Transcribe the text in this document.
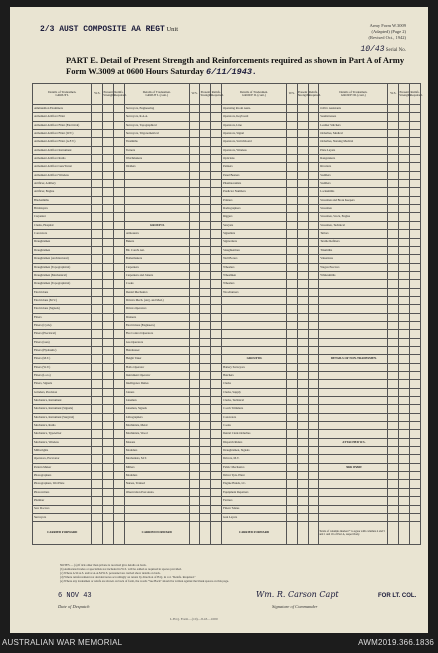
2/3 AUST COMPOSITE AA REGT Unit
Army Form W.3009
(Adapted) (Page 2)
(Revised Oct., 1942)
10/43 Serial No.
PART E. Detail of Present Strength and Reinforcements required as shown in Part A of Army Form W.3009 at 0600 Hours Saturday 6/11/1943.
Details of Tradesmen.
GROUP I.	W.S.	Present Strength.	Reinfs. Required.	Details of Tradesmen.
GROUP I. (cont.)	W.S.	Present Strength.	Reinfs. Required.	Details of Tradesmen.
GROUP II. (cont.)	W.S.	Present Strength.	Reinfs. Required.	Details of Tradesmen.
GROUP III. (cont.)	W.S.	Present Strength.	Reinfs. Required.
Ammunition Examiners				Surveyors, Engineering				Operating Room Assts.				O.P.O. Assistants			
Armament Artificer Fitter				Surveyors, R.A.A.				Operators, Keyboard				Seamstresses			
Armament Artificer Fitter (Electrical)				Surveyors, Topographical				Operators, Line				Leather Stitchers			
Armament Artificer Fitter (W.T.)				Surveyors, Trigonometrical				Operators, Signal				Orderlies, Medical			
Armament Artificer Fitter (A.F.V.)				Tinsmiths				Operators, Switchboard				Orderlies, Nursing Medical			
Armament Artificer Instrument				Turners				Operators, Wireless				Plate Layers			
Armament Artificer Radio				Watchmakers				Opticians				Rangetakers			
Armament Artificer Gun/Turret				Welders				Painters				Rivetters			
Armament Artificer Wireless								Panel Beaters				Saddlers			
Artificer, Artillery								Pharmaceutists				Saddlers			
Artificer, Engine								Predictor Numbers				Locksmiths			
Blacksmiths								Printers				Storemen and Book Keepers			
Bricklayers								Radiographers				Storemen			
Carpenter								Riggers				Storemen, Stock, Engine			
Clerks, Hospital				GROUP II.				Sawyers				Storemen, Technical			
Concretors				Armourers				Signallers				Tailors			
Draughtsmen				Bakers				Signwriters				Textile Refitters			
Draughtsmen				Blr. Cond's Ast.				Slaughtermen				Tinsmiths			
Draughtsmen (Architectural)				Boilermakers				Well Borers				Valuations			
Draughtsmen (Topographical)				Carpenters				Wheelers				Wagon Erectors			
Draughtsmen (Mechanical)				Carpenters and Joiners				Wheelmen				Whitesmiths			
Draughtsmen (Topographical)				Cooks				Wheelers							
Electricians				Dental Mechanics				Woodturners							
Electricians (M.V.)				Drivers Mech. (Avg. and Med.)											
Electricians (Signals)				Driver-Operators											
Fitters				Drainers											
Fitters (Cycle)				Electricians (Engineers)											
Fitters (Electrical)				Fire Control Operators											
Fitters (Gun)				Gas Operators											
Fitters (Hydraulic)				Hairdresser											
Fitters (M.T.)				Height Taker				GROUP III.				DETAILS OF NON-TRADESMEN.			
Fitters (W.V.)				Hollo Operator				Battery Surveyors							
Fitters (Loco)				Instrument Operator				Butchers							
Fitters, Signals				Intelligence Duties				Clerks							
Grinders, Precision				Joiners				Clerks, Supply							
Mechanics, Instrument				Linemen				Clerks, Technical							
Mechanics, Instrument (Signals)				Linemen, Signals				Coach Trimmers							
Mechanics, Instrument (Surgical)				Lithographers				Concretors							
Mechanics, Radio				Machinists, Metal				Cooks							
Mechanics, Typewriter				Machinists, Wood				Dental Clerk Orderlies							
Mechanics, Wireless				Masons				Dispatch Riders				ATTACHED W.S.			
Millwrights				Moulders				Draughtsmen, Signals							
Operators, Excavator				Mechanists, M.T.				Drivers, M.T.							
Pattern Maker				Millers				Fabric Mechanics				SEE OVER			
Photographers				Moulders				Driver Tpts. Plant							
Photographers, Wet Plate				Nurses, Trained				Engine Hands, I.C.							
Photowriters				Observation Post Assts.				Equipment Repairers							
Plumber								Farriers							
Saw Doctors								Fitters' Mates							
Surveyors								Gun Layers							
CARRIED FORWARD				CARRIED FORWARD				CARRIED FORWARD				Totals of columns marked * to agree with columns 4 and 5 and 1 and 16 of Part A, respectively.			
NOTES — (a) If tick other than private is received give details on back.
(b) Authorized trades or specialists not included in W.S. will be added as required in spaces provided.
(c) Where A.W.A.S. and/or A.A.M.W.S. personnel are carried show details on back.
(d) Where reinforcement not decided notes accordingly on return by direction of H.Q. in col. "Reinfs. Required."
(e) Where any tradesmen or reinfs are shown on back of form, the words "See Back" should be written against the blank spaces on this page.
6 NOV 43
Date of Despatch
Wm. R. Carson Capt
Signature of Commander
FOR LT. COL.
L.H.Q. Form—(10)—8.43—1000
AUSTRALIAN WAR MEMORIAL	AWM2019.366.1836
